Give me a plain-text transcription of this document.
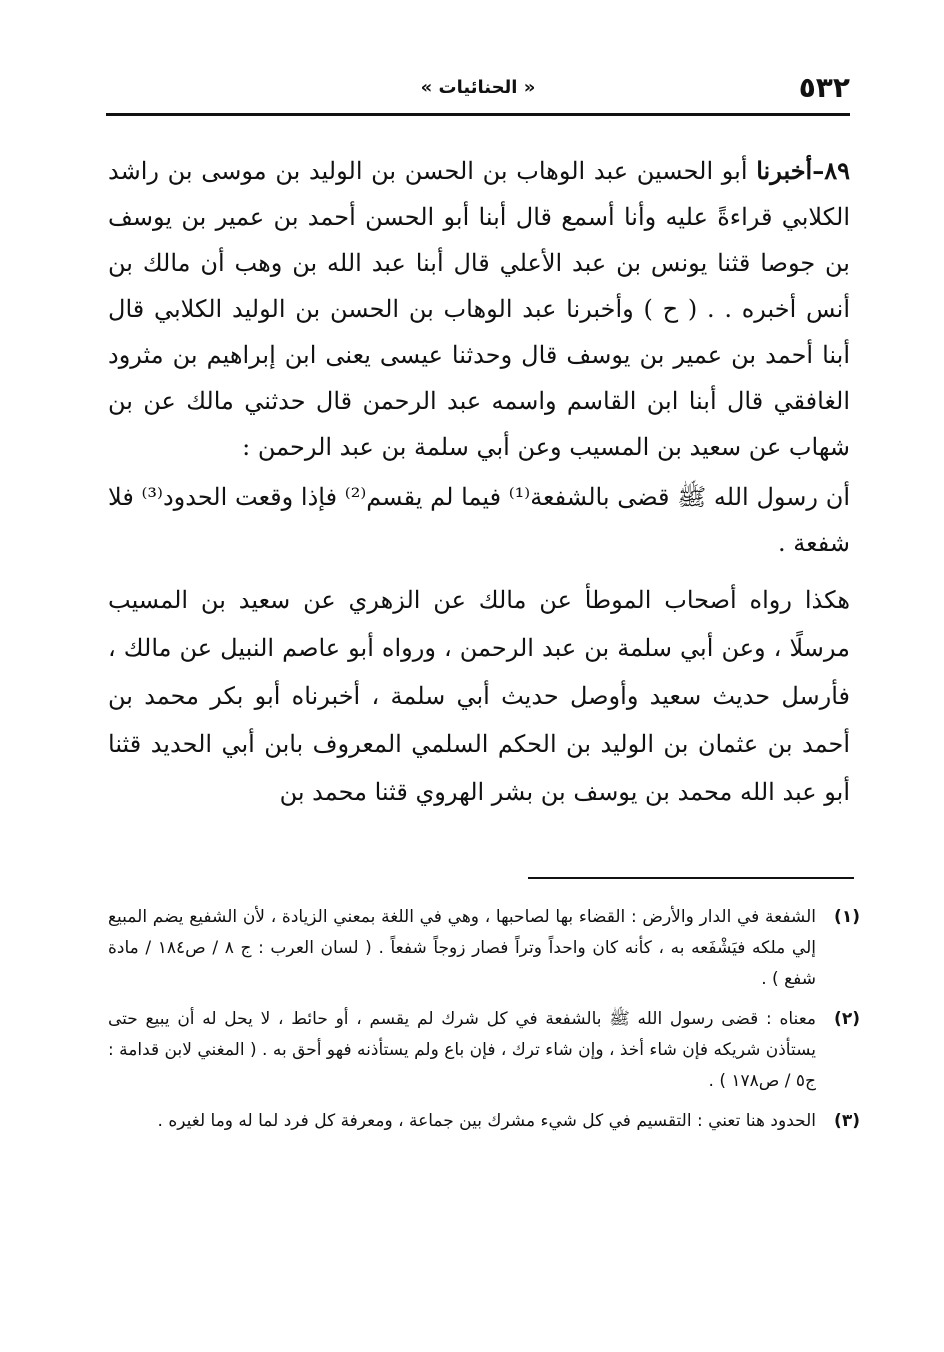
٥٣٢
« الحنائيات »

٨٩–أخبرنا أبو الحسين عبد الوهاب بن الحسن بن الوليد بن موسى بن راشد الكلابي قراءةً عليه وأنا أسمع قال أبنا أبو الحسن أحمد بن عمير بن يوسف بن جوصا قثنا يونس بن عبد الأعلي قال أبنا عبد الله بن وهب أن مالك بن أنس أخبره . . ( ح ) وأخبرنا عبد الوهاب بن الحسن بن الوليد الكلابي قال أبنا أحمد بن عمير بن يوسف قال وحدثنا عيسى يعنى ابن إبراهيم بن مثرود الغافقي قال أبنا ابن القاسم واسمه عبد الرحمن قال حدثني مالك عن بن شهاب عن سعيد بن المسيب وعن أبي سلمة بن عبد الرحمن :

أن رسول الله ﷺ قضى بالشفعة⁽¹⁾ فيما لم يقسم⁽²⁾ فإذا وقعت الحدود⁽³⁾ فلا شفعة .

هكذا رواه أصحاب الموطأ عن مالك عن الزهري عن سعيد بن المسيب مرسلًا ، وعن أبي سلمة بن عبد الرحمن ، ورواه أبو عاصم النبيل عن مالك ، فأرسل حديث سعيد وأوصل حديث أبي سلمة ، أخبرناه أبو بكر محمد بن أحمد بن عثمان بن الوليد بن الحكم السلمي المعروف بابن أبي الحديد قثنا أبو عبد الله محمد بن يوسف بن بشر الهروي قثنا محمد بن

(١)
الشفعة في الدار والأرض : القضاء بها لصاحبها ، وهي في اللغة بمعني الزيادة ، لأن الشفيع يضم المبيع إلي ملكه فيَشْفَعه به ، كأنه كان واحداً وتراً فصار زوجاً شفعاً . ( لسان العرب : ج ٨ / ص١٨٤ / مادة شفع ) .
(٢)
معناه : قضى رسول الله ﷺ بالشفعة في كل شرك لم يقسم ، أو حائط ، لا يحل له أن يبيع حتى يستأذن شريكه فإن شاء أخذ ، وإن شاء ترك ، فإن باع ولم يستأذنه فهو أحق به . ( المغني لابن قدامة : ج٥ / ص١٧٨ ) .
(٣)
الحدود هنا تعني : التقسيم في كل شيء مشرك بين جماعة ، ومعرفة كل فرد لما له وما لغيره .
